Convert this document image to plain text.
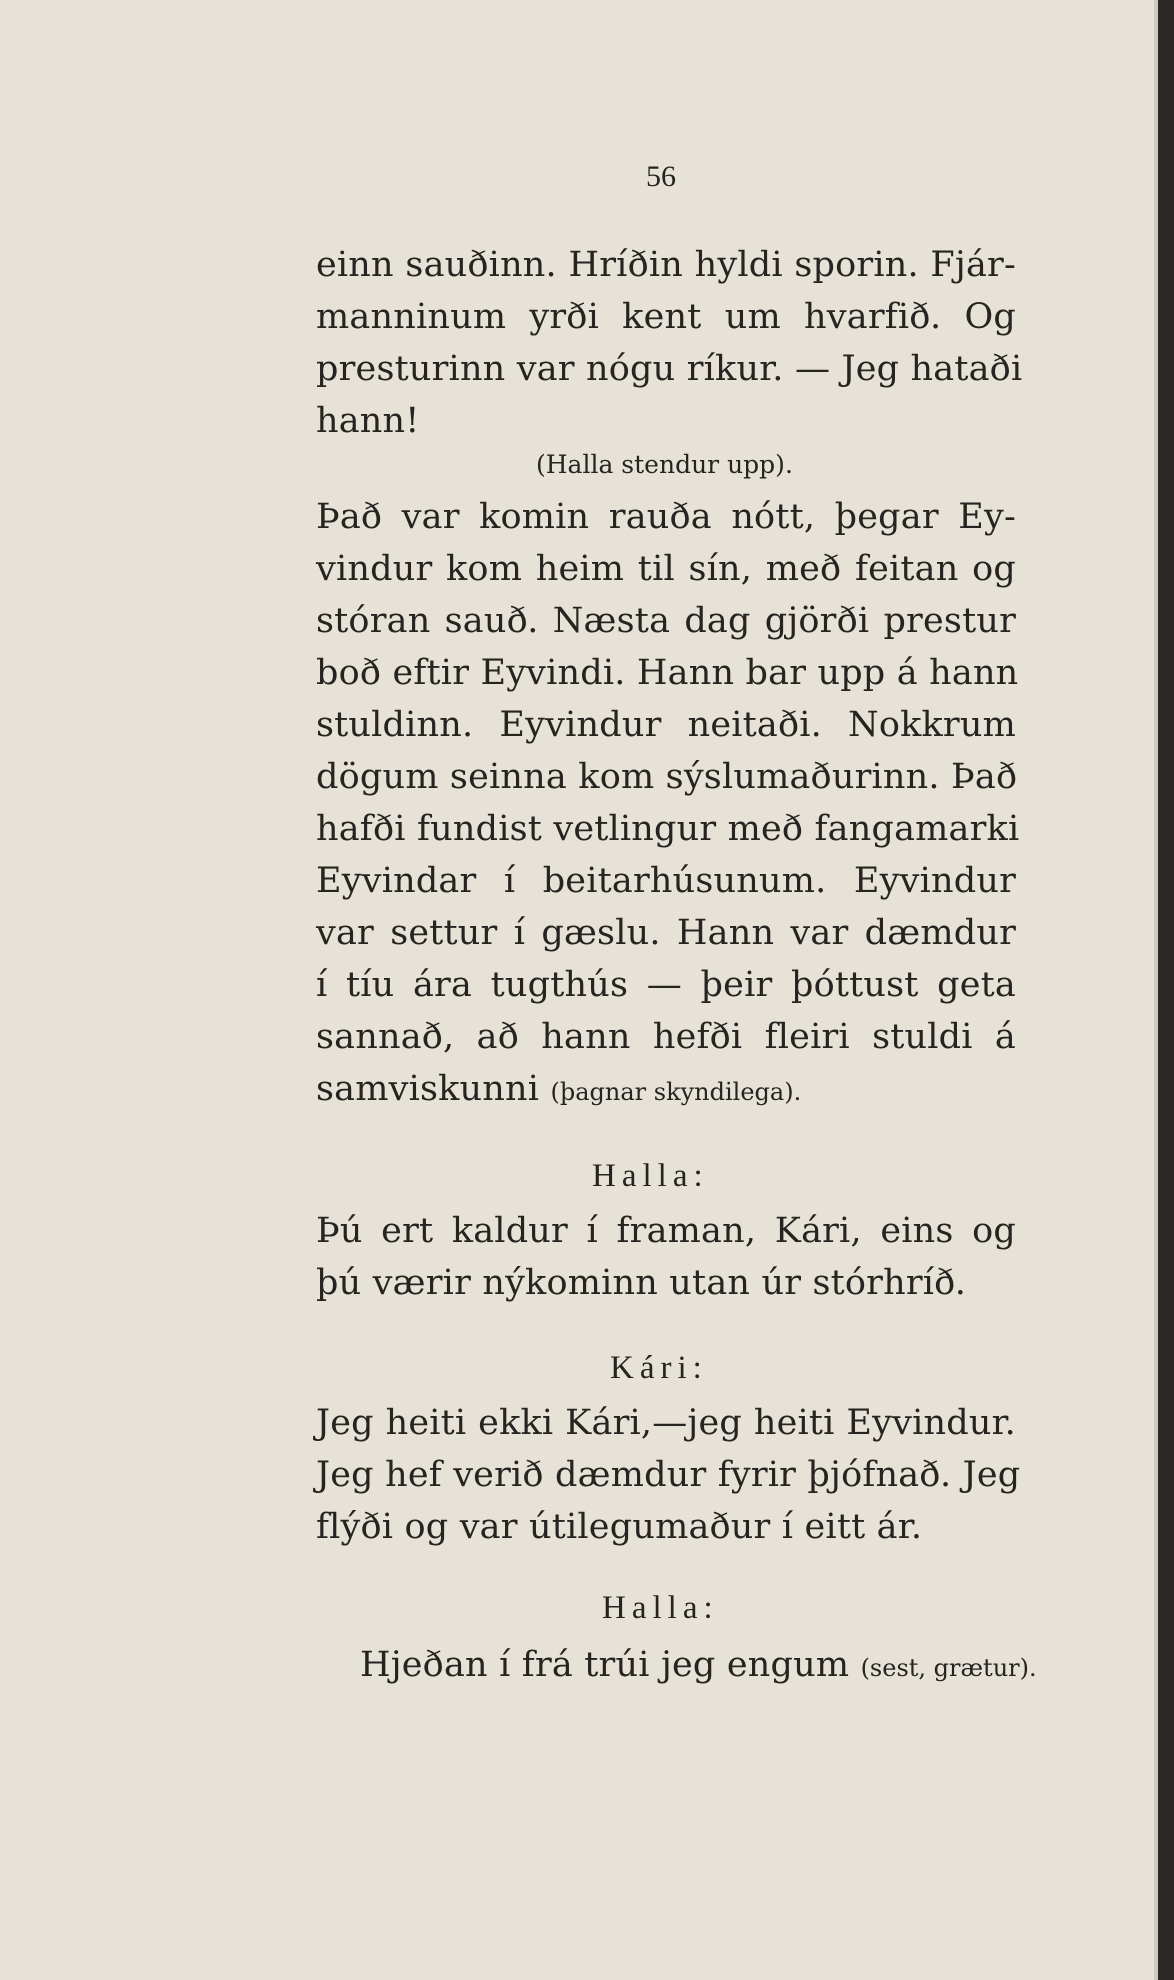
56
einn sauðinn. Hríðin hyldi sporin. Fjár-
manninum yrði kent um hvarfið. Og
presturinn var nógu ríkur. — Jeg hataði
hann!
(Halla stendur upp).
Það var komin rauða nótt, þegar Ey-
vindur kom heim til sín, með feitan og
stóran sauð. Næsta dag gjörði prestur
boð eftir Eyvindi. Hann bar upp á hann
stuldinn. Eyvindur neitaði. Nokkrum
dögum seinna kom sýslumaðurinn. Það
hafði fundist vetlingur með fangamarki
Eyvindar í beitarhúsunum. Eyvindur
var settur í gæslu. Hann var dæmdur
í tíu ára tugthús — þeir þóttust geta
sannað, að hann hefði fleiri stuldi á
samviskunni (þagnar skyndilega).
Halla:
Þú ert kaldur í framan, Kári, eins og
þú værir nýkominn utan úr stórhríð.
Kári:
Jeg heiti ekki Kári,—jeg heiti Eyvindur.
Jeg hef verið dæmdur fyrir þjófnað. Jeg
flýði og var útilegumaður í eitt ár.
Halla:
Hjeðan í frá trúi jeg engum (sest, grætur).
